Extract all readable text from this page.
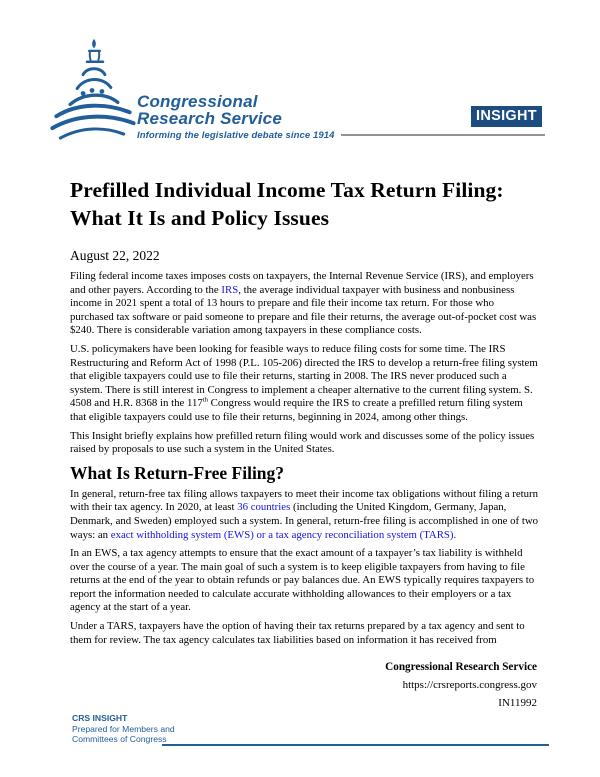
Congressional
Research Service
Informing the legislative debate since 1914
INSIGHT
Prefilled Individual Income Tax Return Filing:
What It Is and Policy Issues
August 22, 2022

Filing federal income taxes imposes costs on taxpayers, the Internal Revenue Service (IRS), and employers and other payers. According to the IRS, the average individual taxpayer with business and nonbusiness income in 2021 spent a total of 13 hours to prepare and file their income tax return. For those who purchased tax software or paid someone to prepare and file their returns, the average out-of-pocket cost was $240. There is considerable variation among taxpayers in these compliance costs.

U.S. policymakers have been looking for feasible ways to reduce filing costs for some time. The IRS Restructuring and Reform Act of 1998 (P.L. 105-206) directed the IRS to develop a return-free filing system that eligible taxpayers could use to file their returns, starting in 2008. The IRS never produced such a system. There is still interest in Congress to implement a cheaper alternative to the current filing system. S. 4508 and H.R. 8368 in the 117th Congress would require the IRS to create a prefilled return filing system that eligible taxpayers could use to file their returns, beginning in 2024, among other things.

This Insight briefly explains how prefilled return filing would work and discusses some of the policy issues raised by proposals to use such a system in the United States.

What Is Return-Free Filing?

In general, return-free tax filing allows taxpayers to meet their income tax obligations without filing a return with their tax agency. In 2020, at least 36 countries (including the United Kingdom, Germany, Japan, Denmark, and Sweden) employed such a system. In general, return-free filing is accomplished in one of two ways: an exact withholding system (EWS) or a tax agency reconciliation system (TARS).

In an EWS, a tax agency attempts to ensure that the exact amount of a taxpayer’s tax liability is withheld over the course of a year. The main goal of such a system is to keep eligible taxpayers from having to file returns at the end of the year to obtain refunds or pay balances due. An EWS typically requires taxpayers to report the information needed to calculate accurate withholding allowances to their employers or a tax agency at the start of a year.

Under a TARS, taxpayers have the option of having their tax returns prepared by a tax agency and sent to them for review. The tax agency calculates tax liabilities based on information it has received from

Congressional Research Service
https://crsreports.congress.gov
IN11992
CRS INSIGHT
Prepared for Members and
Committees of Congress
